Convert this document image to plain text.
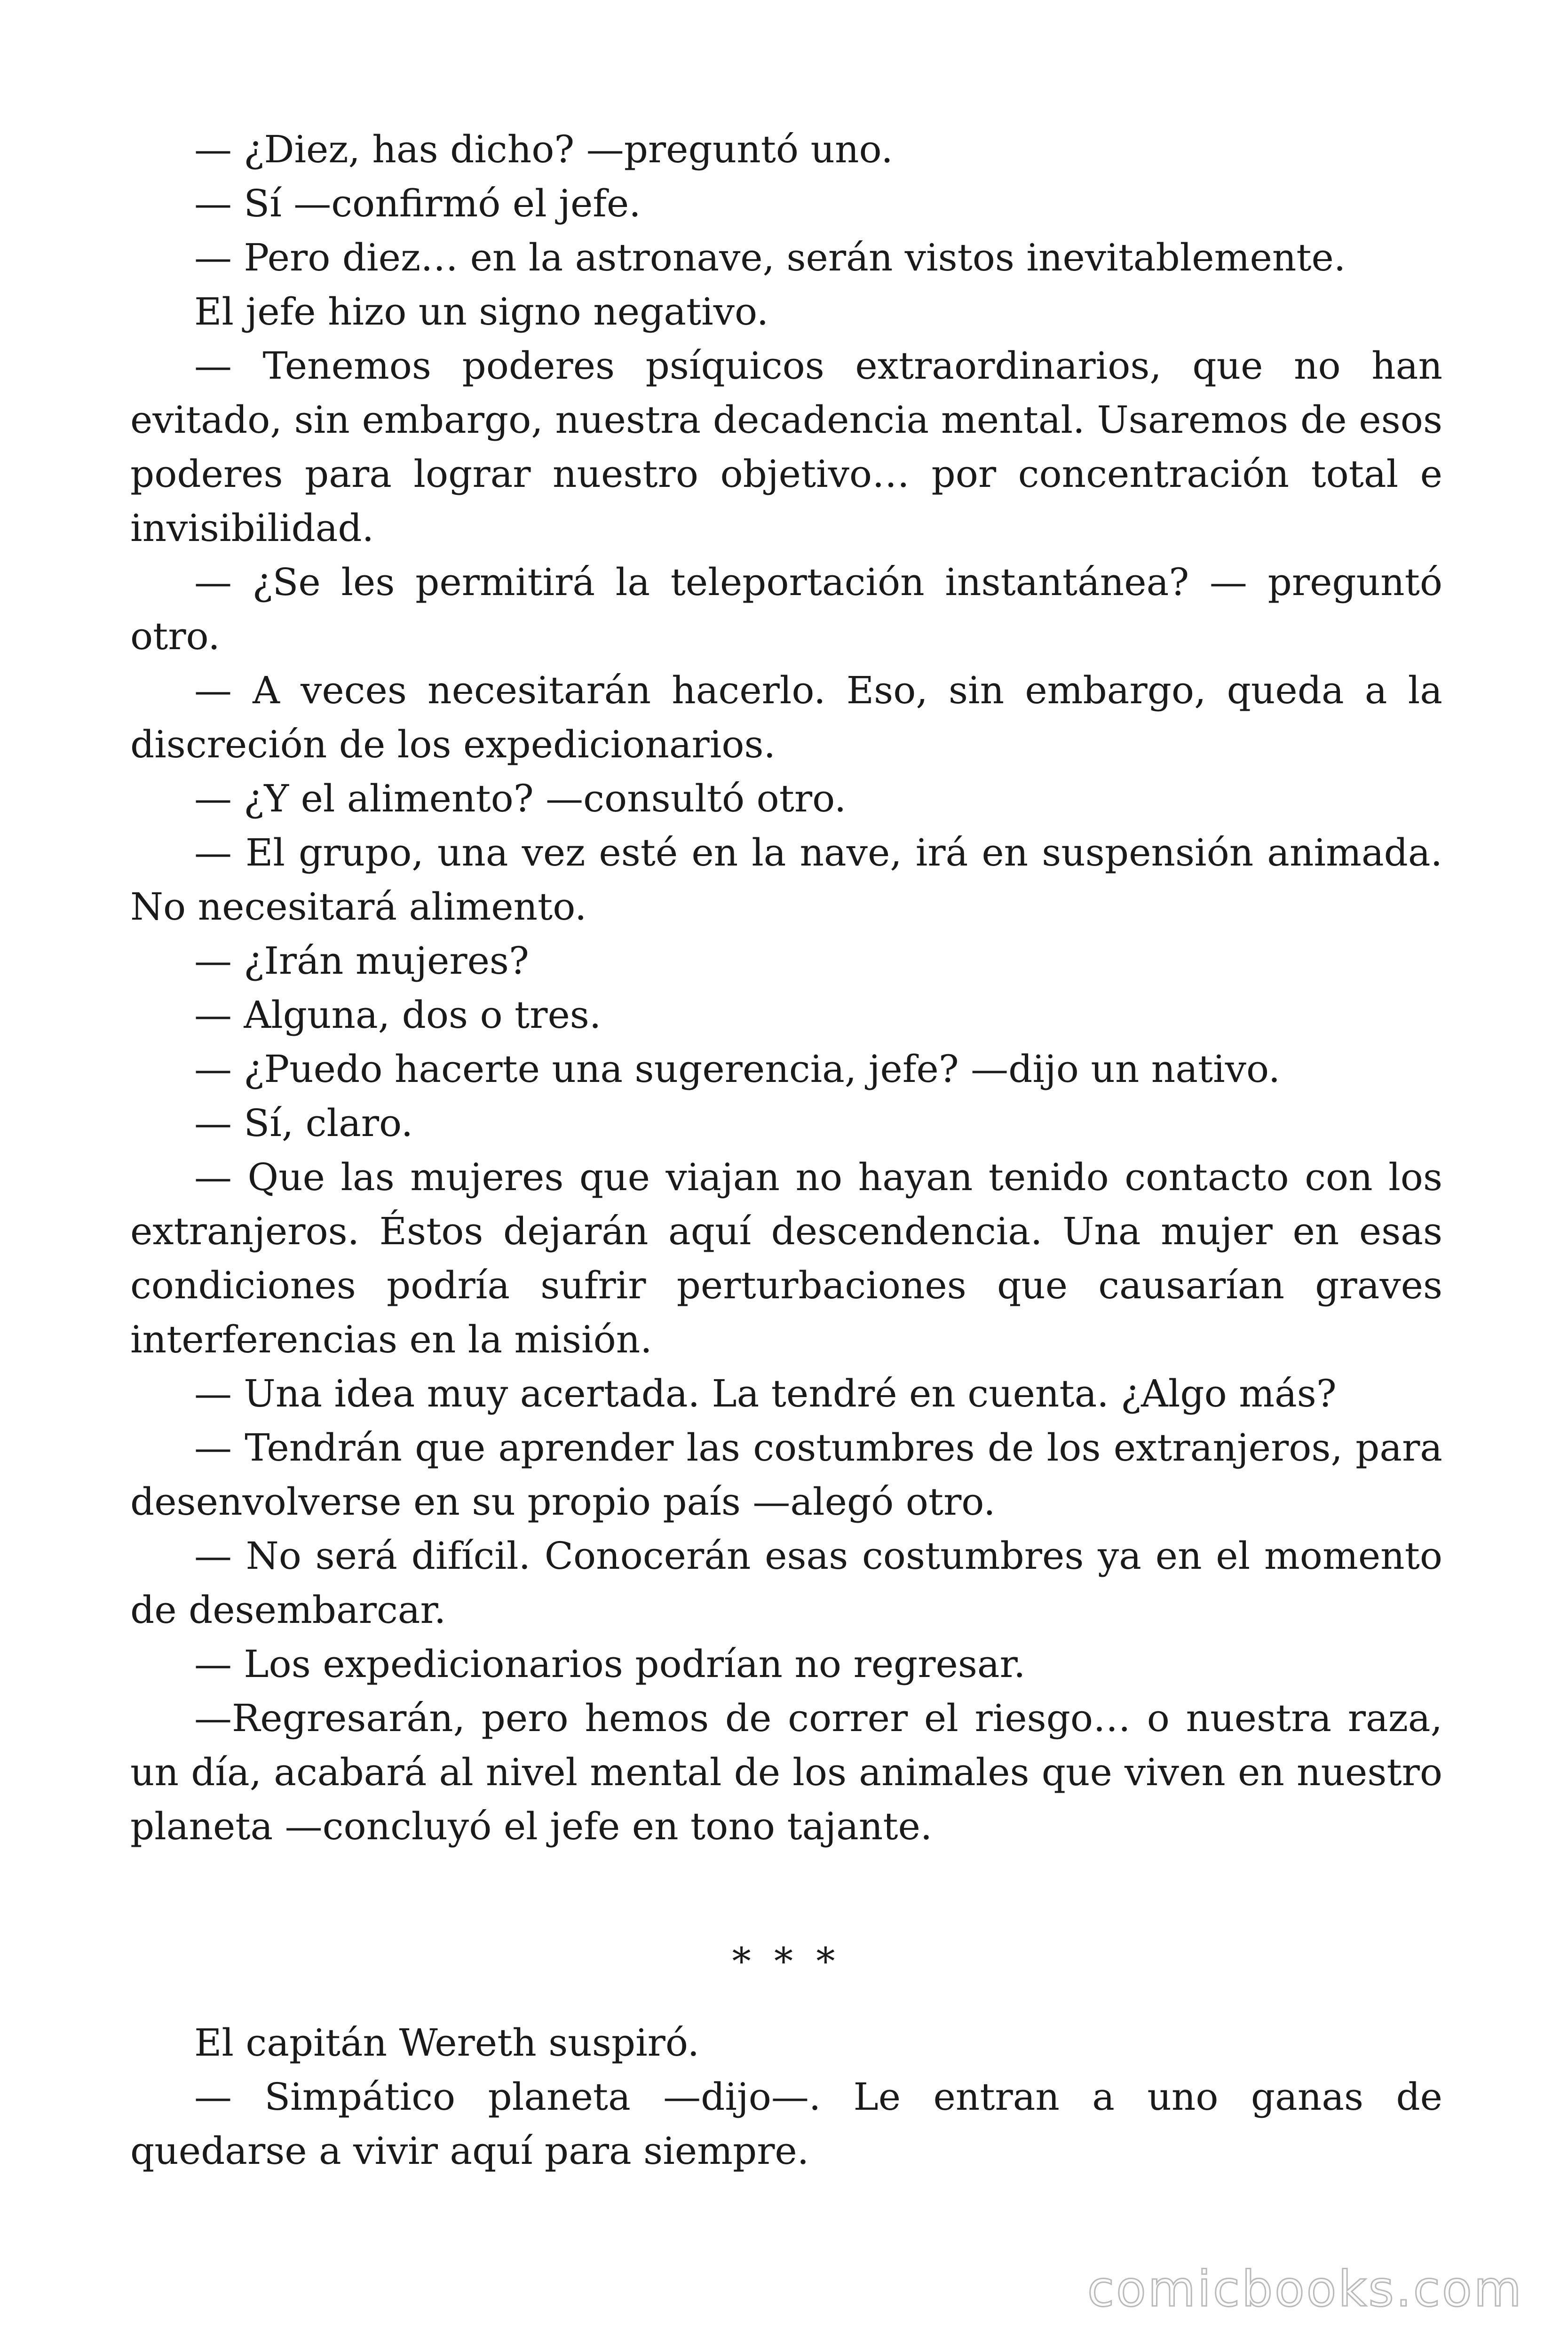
— ¿Diez, has dicho? —preguntó uno.

— Sí —confirmó el jefe.

— Pero diez… en la astronave, serán vistos inevitablemente.

El jefe hizo un signo negativo.

— Tenemos poderes psíquicos extraordinarios, que no han evitado, sin embargo, nuestra decadencia mental. Usaremos de esos poderes para lograr nuestro objetivo… por concentración total e invisibilidad.

— ¿Se les permitirá la teleportación instantánea? — preguntó otro.

— A veces necesitarán hacerlo. Eso, sin embargo, queda a la discreción de los expedicionarios.

— ¿Y el alimento? —consultó otro.

— El grupo, una vez esté en la nave, irá en suspensión animada. No necesitará alimento.

— ¿Irán mujeres?

— Alguna, dos o tres.

— ¿Puedo hacerte una sugerencia, jefe? —dijo un nativo.

— Sí, claro.

— Que las mujeres que viajan no hayan tenido contacto con los extranjeros. Éstos dejarán aquí descendencia. Una mujer en esas condiciones podría sufrir perturbaciones que causarían graves interferencias en la misión.

— Una idea muy acertada. La tendré en cuenta. ¿Algo más?

— Tendrán que aprender las costumbres de los extranjeros, para desenvolverse en su propio país —alegó otro.

— No será difícil. Conocerán esas costumbres ya en el momento de desembarcar.

— Los expedicionarios podrían no regresar.

—Regresarán, pero hemos de correr el riesgo… o nuestra raza, un día, acabará al nivel mental de los animales que viven en nuestro planeta —concluyó el jefe en tono tajante.

* * *

El capitán Wereth suspiró.

— Simpático planeta —dijo—. Le entran a uno ganas de quedarse a vivir aquí para siempre.

comicbooks.com
